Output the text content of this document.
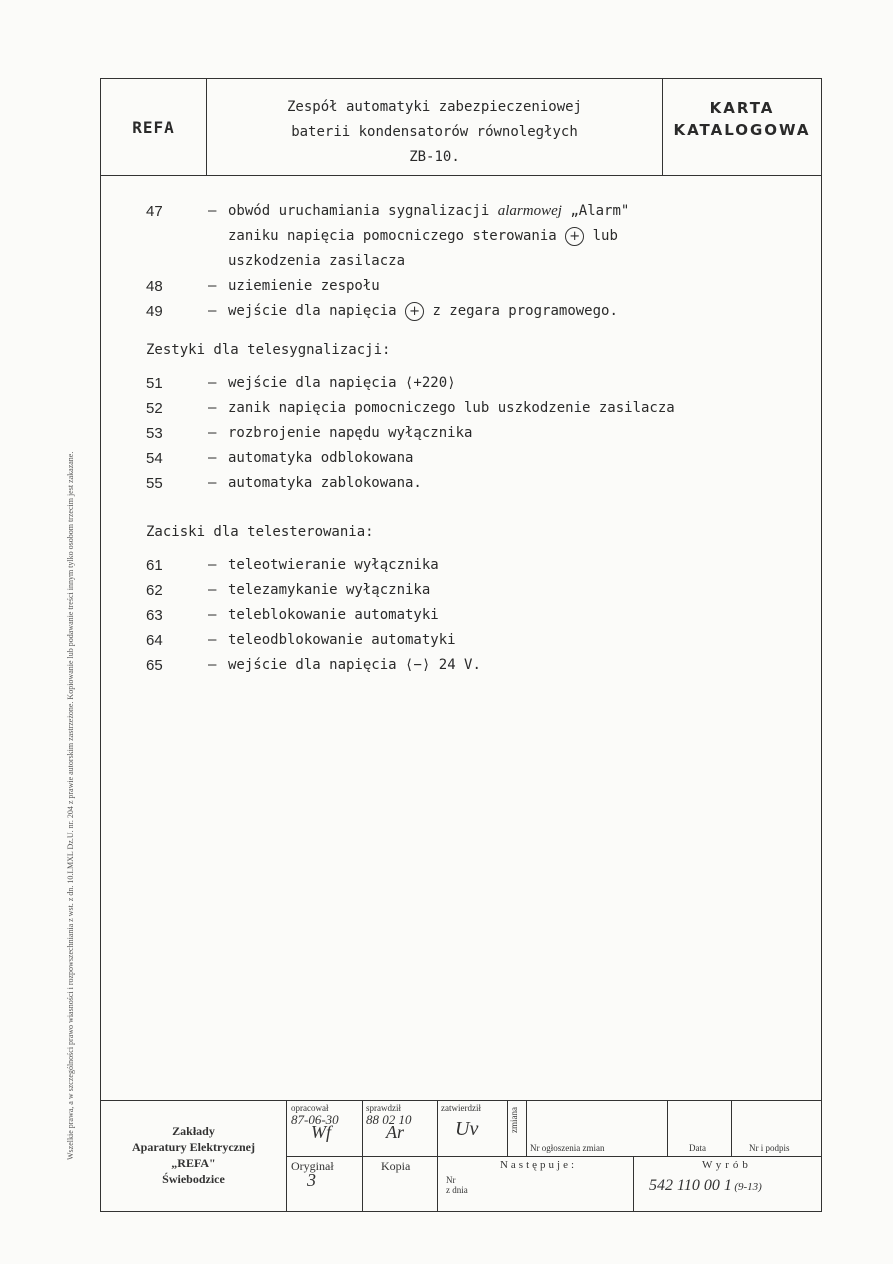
Wszelkie prawa, a w szczególności prawo wiasności i rozpowszechniania z wst. z dn. 10.I.MXL Dz.U. nr. 204 z prawie autorskim zastrzeżone. Kopiowanie lub podawanie treści innym tylko osobom trzecim jest zakazane.
REFA
Zespół automatyki zabezpieczeniowej
baterii kondensatorów równoległych
ZB-10.
KARTA
KATALOGOWA
47	– obwód uruchamiania sygnalizacji alarmowej „Alarm"
zaniku napięcia pomocniczego sterowania + lub
uszkodzenia zasilacza
48	– uziemienie zespołu
49	– wejście dla napięcia + z zegara programowego.
Zestyki dla telesygnalizacji:
51	– wejście dla napięcia ⟨+220⟩
52	– zanik napięcia pomocniczego lub uszkodzenie zasilacza
53	– rozbrojenie napędu wyłącznika
54	– automatyka odblokowana
55	– automatyka zablokowana.
Zaciski dla telesterowania:
61	– teleotwieranie wyłącznika
62	– telezamykanie wyłącznika
63	– teleblokowanie automatyki
64	– teleodblokowanie automatyki
65	– wejście dla napięcia ⟨−⟩ 24 V.
Zakłady
Aparatury Elektrycznej
„REFA"
Świebodzice
opracował
87-06-30
Wf
sprawdził
88 02 10
Ar
zatwierdził
Uv	zmiana
Nr ogłoszenia zmian	Data	Nr i podpis
Oryginał
3
Kopia	Następuje:
Nr
z dnia
Wyrób
542 110 00 1 (9-13)
